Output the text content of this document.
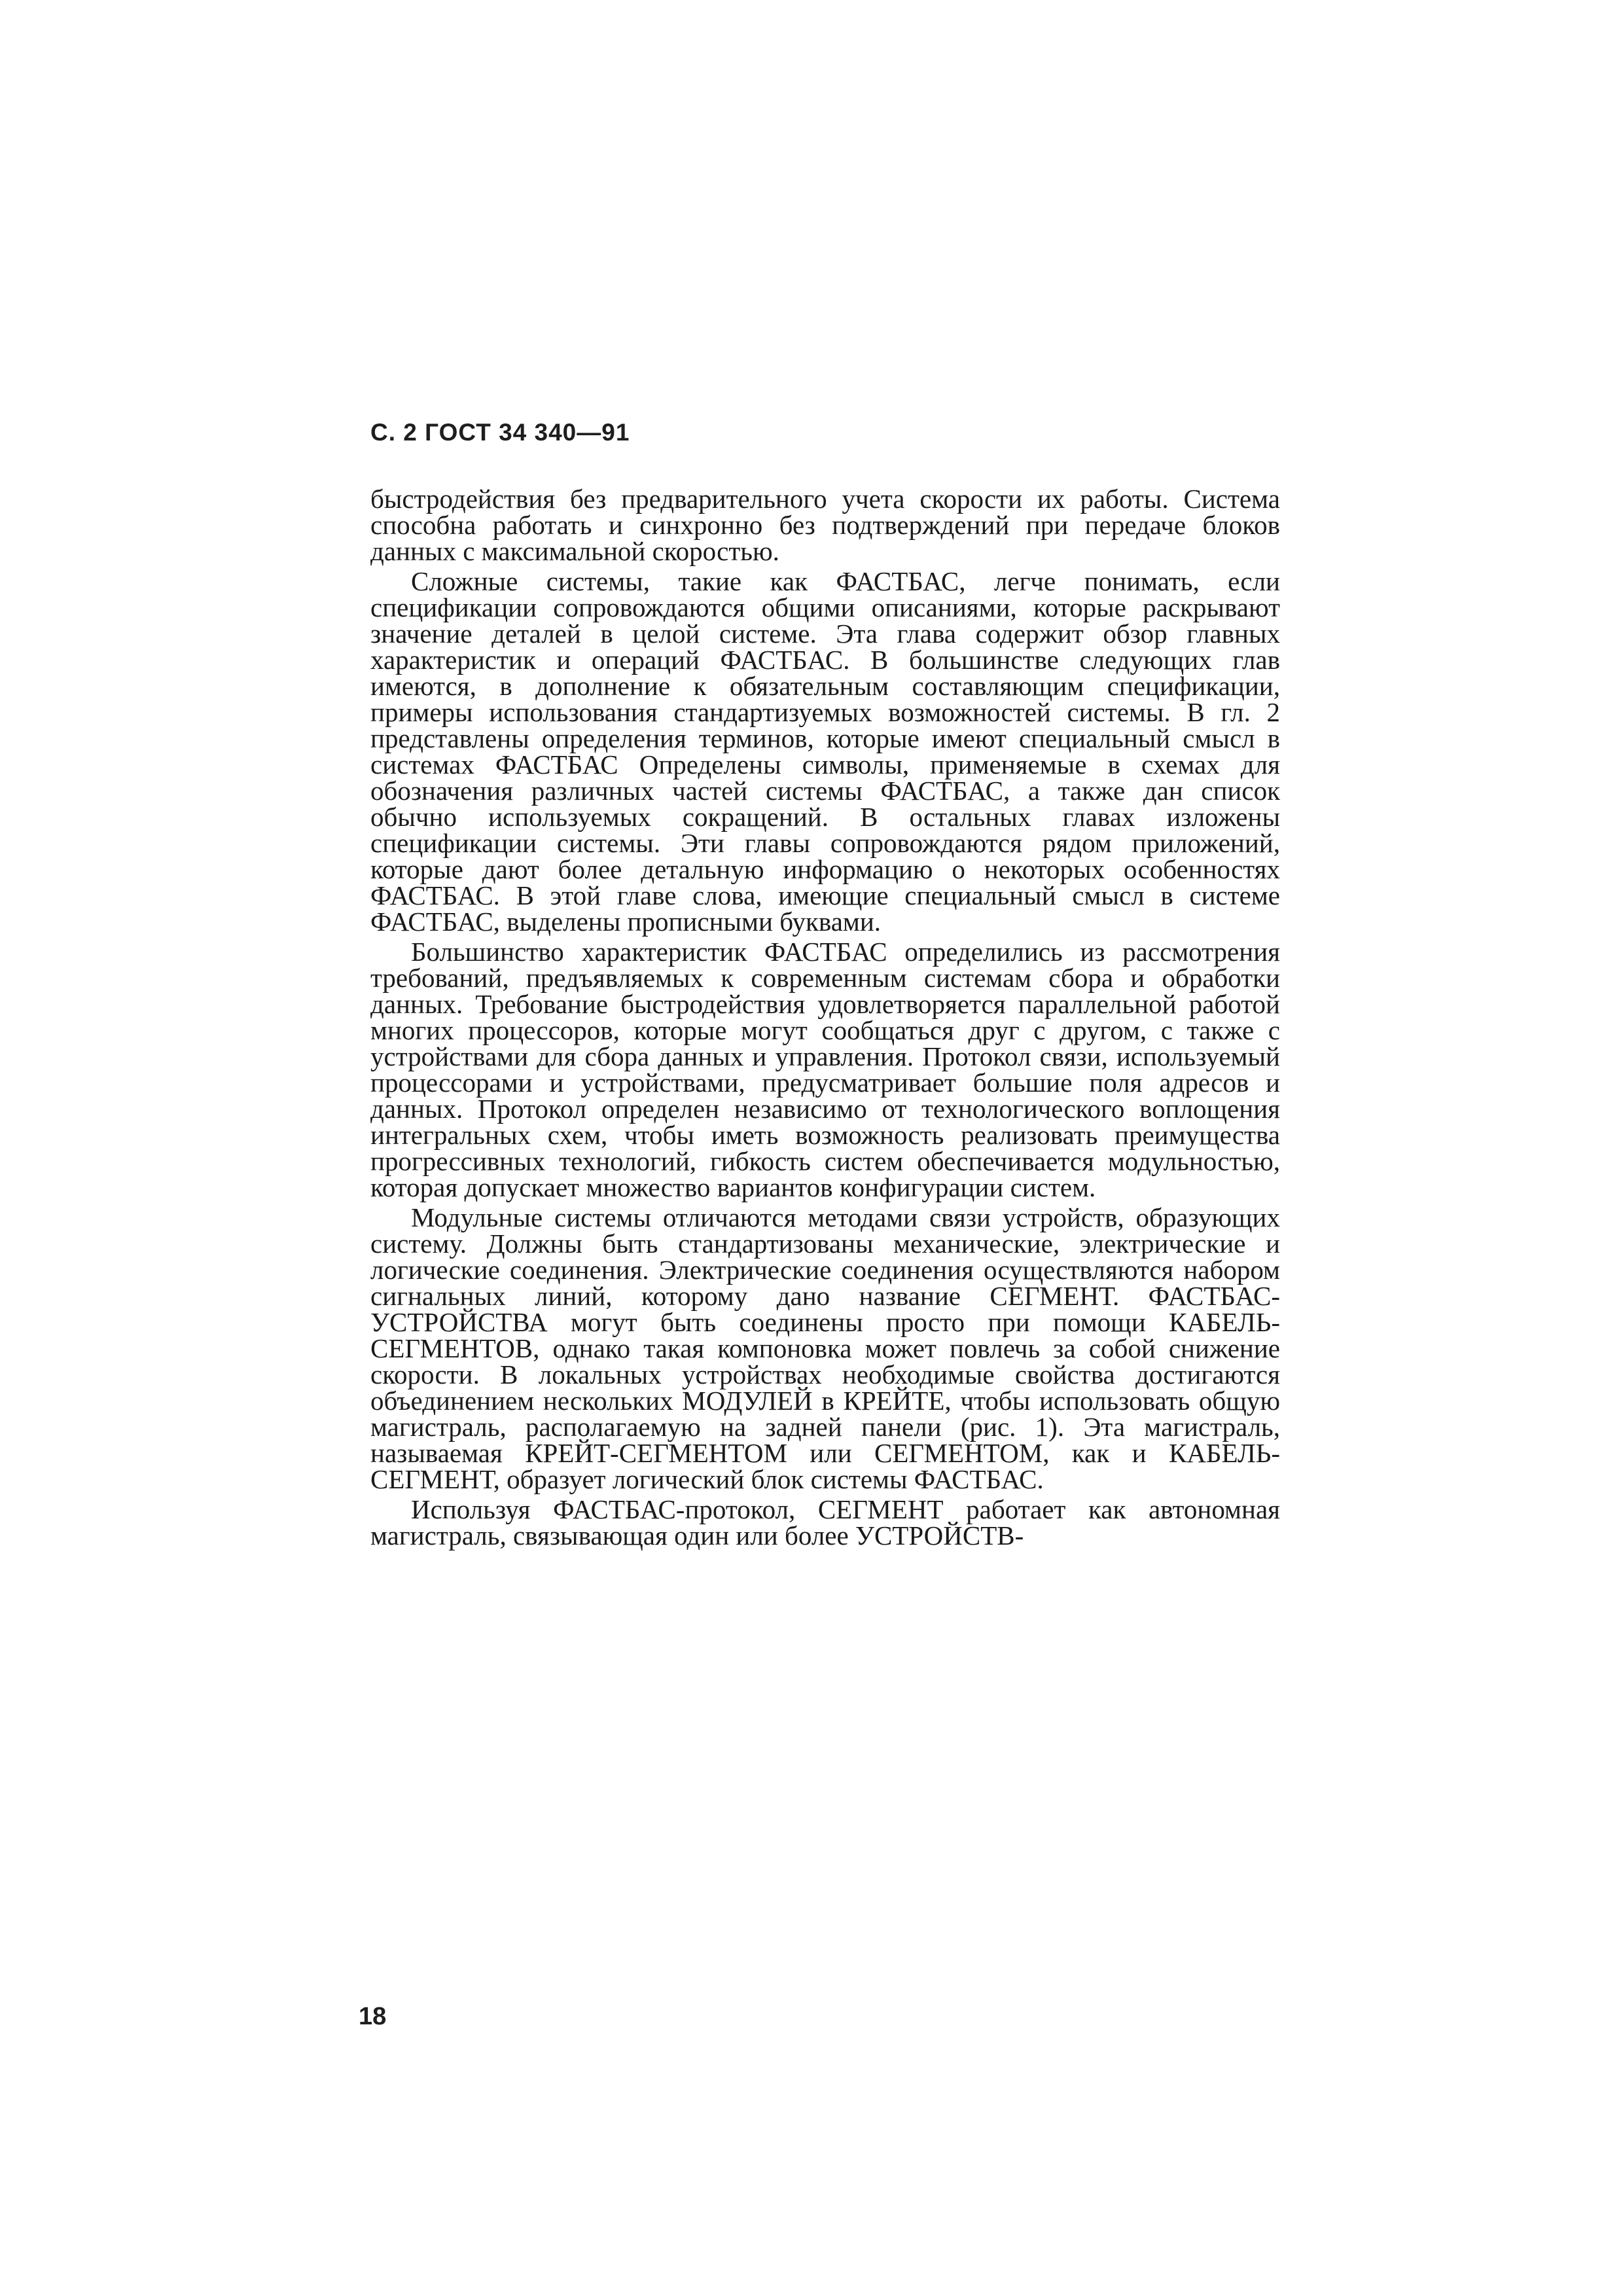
С. 2 ГОСТ 34 340—91

быстродействия без предварительного учета скорости их работы. Система способна работать и синхронно без подтверждений при передаче блоков данных с максимальной скоростью.

Сложные системы, такие как ФАСТБАС, легче понимать, если спецификации сопровождаются общими описаниями, которые раскрывают значение деталей в целой системе. Эта глава содержит обзор главных характеристик и операций ФАСТБАС. В большинстве следующих глав имеются, в дополнение к обязательным составляющим спецификации, примеры использования стандартизуемых возможностей системы. В гл. 2 представлены определения терминов, которые имеют специальный смысл в системах ФАСТБАС Определены символы, применяемые в схемах для обозначения различных частей системы ФАСТБАС, а также дан список обычно используемых сокращений. В остальных главах изложены спецификации системы. Эти главы сопровождаются рядом приложений, которые дают более детальную информацию о некоторых особенностях ФАСТБАС. В этой главе слова, имеющие специальный смысл в системе ФАСТБАС, выделены прописными буквами.

Большинство характеристик ФАСТБАС определились из рассмотрения требований, предъявляемых к современным системам сбора и обработки данных. Требование быстродействия удовлетворяется параллельной работой многих процессоров, которые могут сообщаться друг с другом, с также с устройствами для сбора данных и управления. Протокол связи, используемый процессорами и устройствами, предусматривает большие поля адресов и данных. Протокол определен независимо от технологического воплощения интегральных схем, чтобы иметь возможность реализовать преимущества прогрессивных технологий, гибкость систем обеспечивается модульностью, которая допускает множество вариантов конфигурации систем.

Модульные системы отличаются методами связи устройств, образующих систему. Должны быть стандартизованы механические, электрические и логические соединения. Электрические соединения осуществляются набором сигнальных линий, которому дано название СЕГМЕНТ. ФАСТБАС-УСТРОЙСТВА могут быть соединены просто при помощи КАБЕЛЬ-СЕГМЕНТОВ, однако такая компоновка может повлечь за собой снижение скорости. В локальных устройствах необходимые свойства достигаются объединением нескольких МОДУЛЕЙ в КРЕЙТЕ, чтобы использовать общую магистраль, располагаемую на задней панели (рис. 1). Эта магистраль, называемая КРЕЙТ-СЕГМЕНТОМ или СЕГМЕНТОМ, как и КАБЕЛЬ-СЕГМЕНТ, образует логический блок системы ФАСТБАС.

Используя ФАСТБАС-протокол, СЕГМЕНТ работает как автономная магистраль, связывающая один или более УСТРОЙСТВ-

18
